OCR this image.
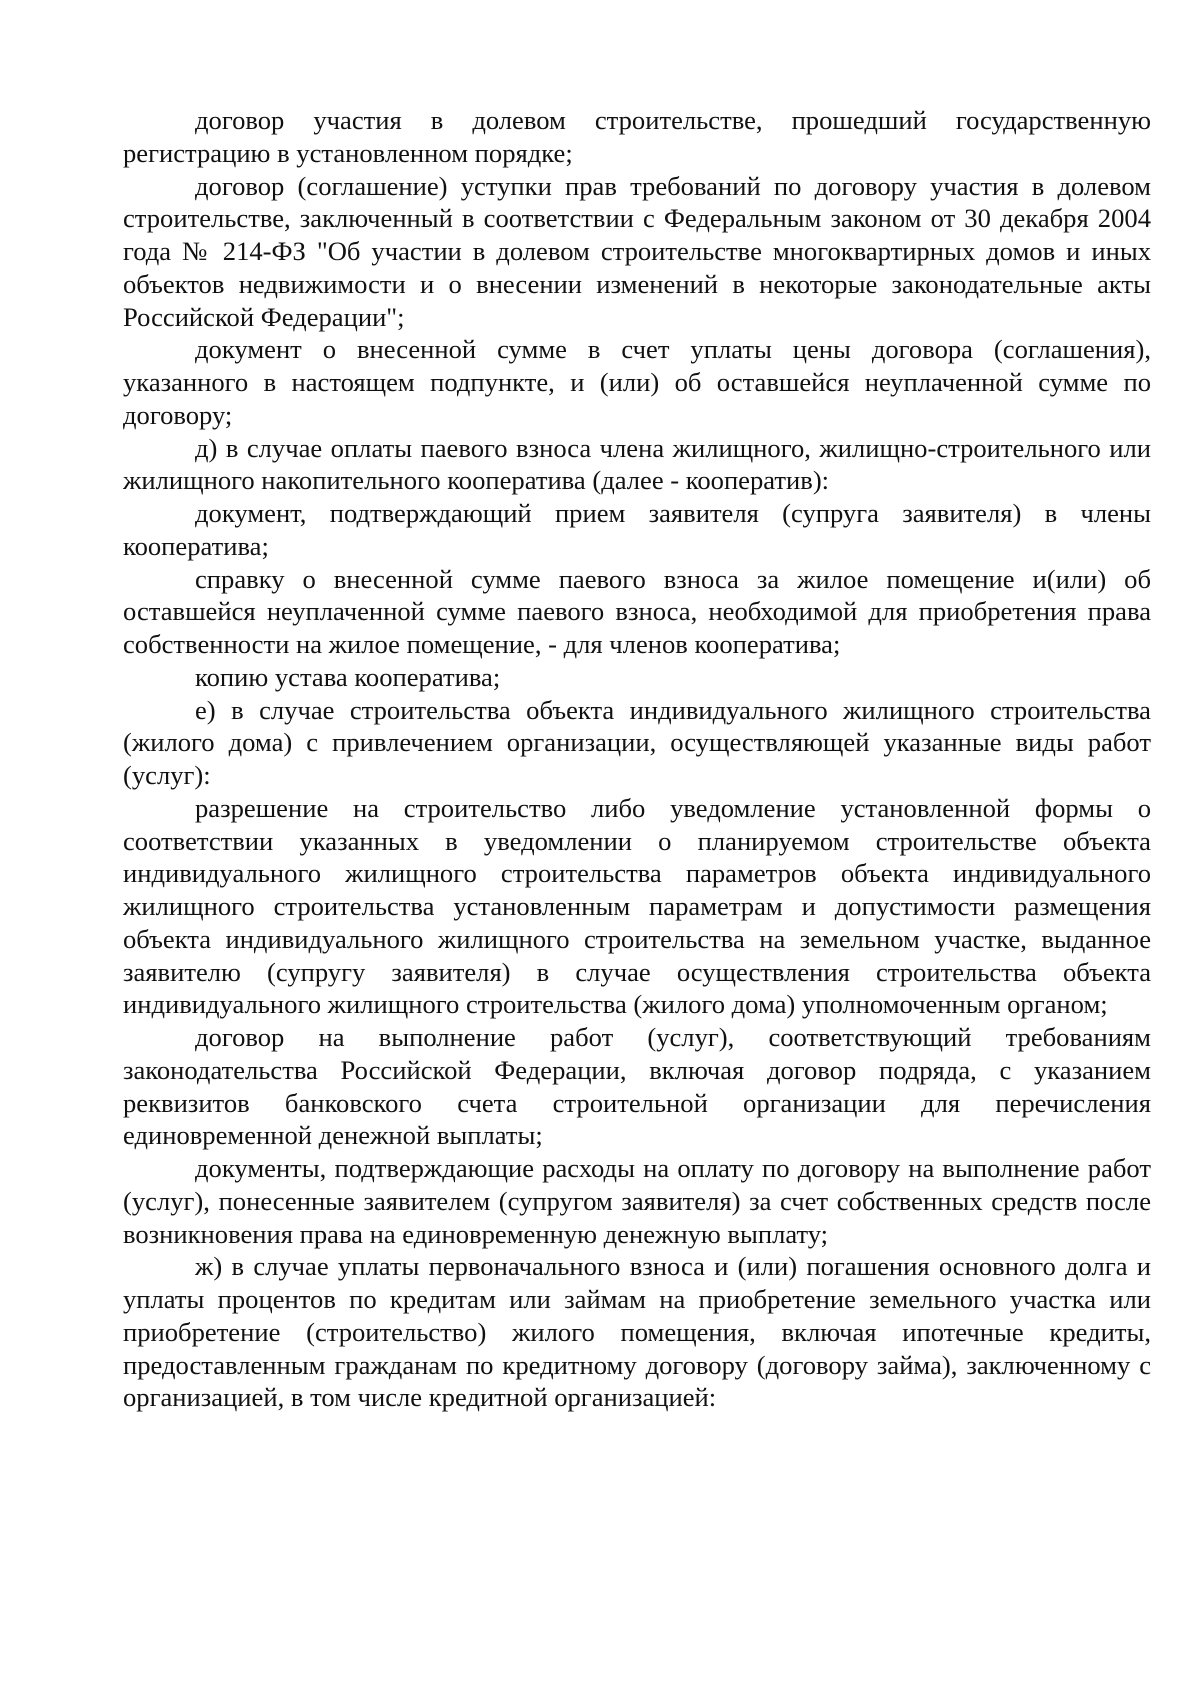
договор участия в долевом строительстве, прошедший государственную регистрацию в установленном порядке;

договор (соглашение) уступки прав требований по договору участия в долевом строительстве, заключенный в соответствии с Федеральным законом от 30 декабря 2004 года № 214-ФЗ "Об участии в долевом строительстве многоквартирных домов и иных объектов недвижимости и о внесении изменений в некоторые законодательные акты Российской Федерации";

документ о внесенной сумме в счет уплаты цены договора (соглашения), указанного в настоящем подпункте, и (или) об оставшейся неуплаченной сумме по договору;

д) в случае оплаты паевого взноса члена жилищного, жилищно-строительного или жилищного накопительного кооператива (далее - кооператив):

документ, подтверждающий прием заявителя (супруга заявителя) в члены кооператива;

справку о внесенной сумме паевого взноса за жилое помещение и(или) об оставшейся неуплаченной сумме паевого взноса, необходимой для приобретения права собственности на жилое помещение, - для членов кооператива;

копию устава кооператива;

е) в случае строительства объекта индивидуального жилищного строительства (жилого дома) с привлечением организации, осуществляющей указанные виды работ (услуг):

разрешение на строительство либо уведомление установленной формы о соответствии указанных в уведомлении о планируемом строительстве объекта индивидуального жилищного строительства параметров объекта индивидуального жилищного строительства установленным параметрам и допустимости размещения объекта индивидуального жилищного строительства на земельном участке, выданное заявителю (супругу заявителя) в случае осуществления строительства объекта индивидуального жилищного строительства (жилого дома) уполномоченным органом;

договор на выполнение работ (услуг), соответствующий требованиям законодательства Российской Федерации, включая договор подряда, с указанием реквизитов банковского счета строительной организации для перечисления единовременной денежной выплаты;

документы, подтверждающие расходы на оплату по договору на выполнение работ (услуг), понесенные заявителем (супругом заявителя) за счет собственных средств после возникновения права на единовременную денежную выплату;

ж) в случае уплаты первоначального взноса и (или) погашения основного долга и уплаты процентов по кредитам или займам на приобретение земельного участка или приобретение (строительство) жилого помещения, включая ипотечные кредиты, предоставленным гражданам по кредитному договору (договору займа), заключенному с организацией, в том числе кредитной организацией:
